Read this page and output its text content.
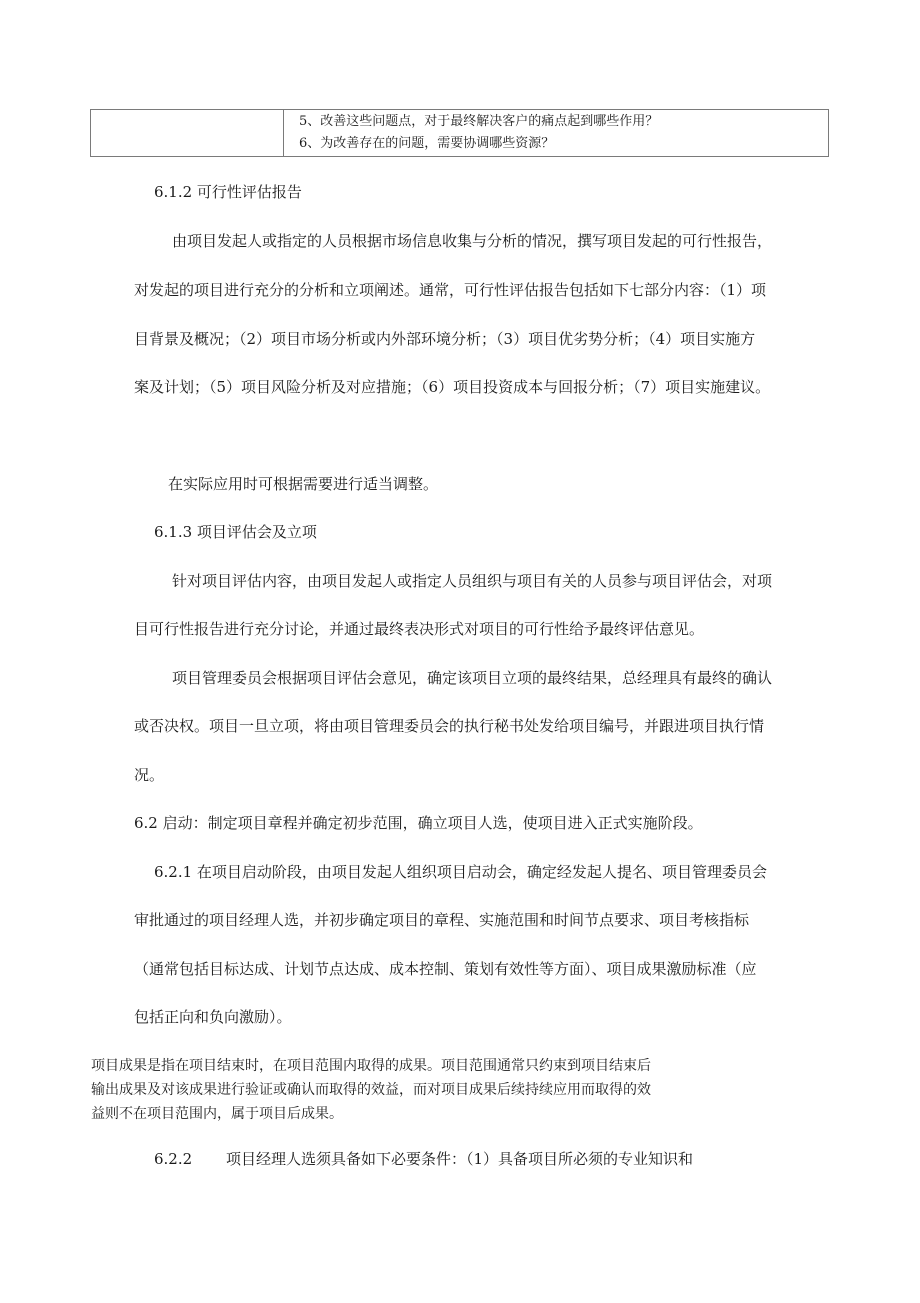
5、改善这些问题点，对于最终解决客户的痛点起到哪些作用？
6、为改善存在的问题，需要协调哪些资源？
6.1.2 可行性评估报告
由项目发起人或指定的人员根据市场信息收集与分析的情况，撰写项目发起的可行性报告，
对发起的项目进行充分的分析和立项阐述。通常，可行性评估报告包括如下七部分内容：（1）项
目背景及概况；（2）项目市场分析或内外部环境分析；（3）项目优劣势分析；（4）项目实施方
案及计划；（5）项目风险分析及对应措施；（6）项目投资成本与回报分析；（7）项目实施建议。
在实际应用时可根据需要进行适当调整。
6.1.3 项目评估会及立项
针对项目评估内容，由项目发起人或指定人员组织与项目有关的人员参与项目评估会，对项
目可行性报告进行充分讨论，并通过最终表决形式对项目的可行性给予最终评估意见。
项目管理委员会根据项目评估会意见，确定该项目立项的最终结果，总经理具有最终的确认
或否决权。项目一旦立项，将由项目管理委员会的执行秘书处发给项目编号，并跟进项目执行情
况。
6.2 启动：制定项目章程并确定初步范围，确立项目人选，使项目进入正式实施阶段。
6.2.1 在项目启动阶段，由项目发起人组织项目启动会，确定经发起人提名、项目管理委员会
审批通过的项目经理人选，并初步确定项目的章程、实施范围和时间节点要求、项目考核指标
（通常包括目标达成、计划节点达成、成本控制、策划有效性等方面）、项目成果激励标准（应
包括正向和负向激励）。
项目成果是指在项目结束时，在项目范围内取得的成果。项目范围通常只约束到项目结束后
输出成果及对该成果进行验证或确认而取得的效益，而对项目成果后续持续应用而取得的效
益则不在项目范围内，属于项目后成果。
6.2.2 项目经理人选须具备如下必要条件：（1）具备项目所必须的专业知识和
